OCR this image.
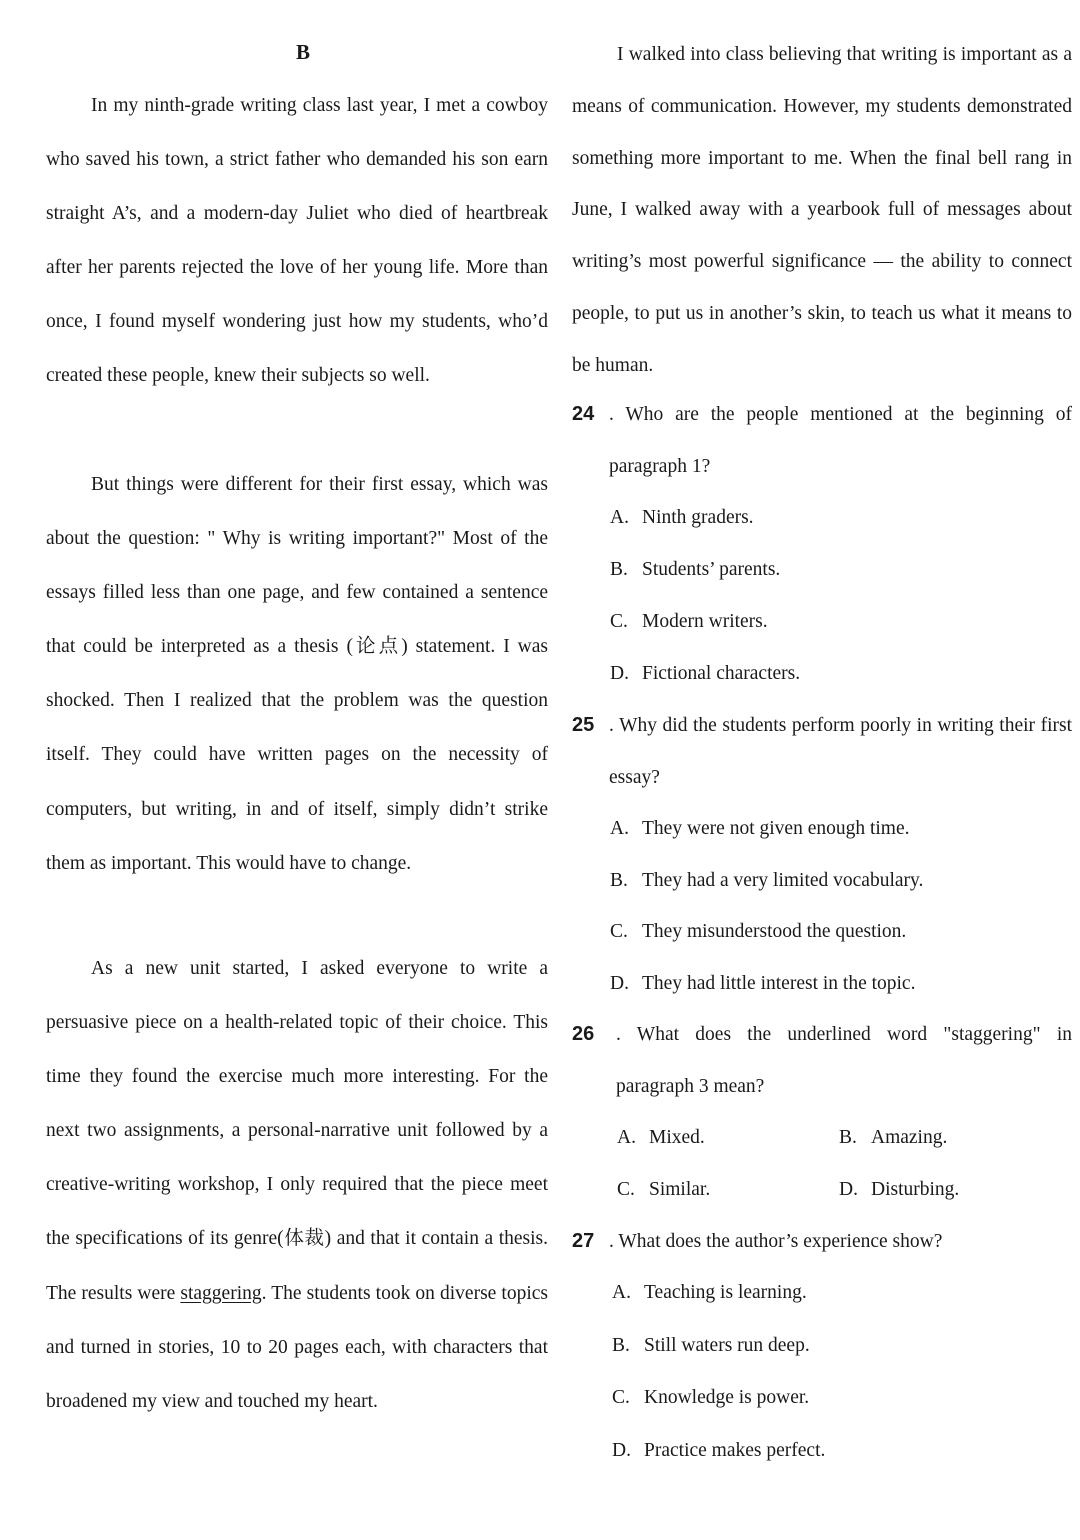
B

In my ninth-grade writing class last year, I met a cowboy who saved his town, a strict father who demanded his son earn straight A’s, and a modern-day Juliet who died of heartbreak after her parents rejected the love of her young life. More than once, I found myself wondering just how my students, who’d created these people, knew their subjects so well.

But things were different for their first essay, which was about the question: " Why is writing important?" Most of the essays filled less than one page, and few contained a sentence that could be interpreted as a thesis (论点) statement. I was shocked. Then I realized that the problem was the question itself. They could have written pages on the necessity of computers, but writing, in and of itself, simply didn’t strike them as important. This would have to change.

As a new unit started, I asked everyone to write a persuasive piece on a health-related topic of their choice. This time they found the exercise much more interesting. For the next two assignments, a personal-narrative unit followed by a creative-writing workshop, I only required that the piece meet the specifications of its genre(体裁) and that it contain a thesis. The results were staggering. The students took on diverse topics and turned in stories, 10 to 20 pages each, with characters that broadened my view and touched my heart.

I walked into class believing that writing is important as a means of communication. However, my students demonstrated something more important to me. When the final bell rang in June, I walked away with a yearbook full of messages about writing’s most powerful significance — the ability to connect people, to put us in another’s skin, to teach us what it means to be human.

24 . Who are the people mentioned at the beginning of paragraph 1?
A. Ninth graders.
B. Students’ parents.
C. Modern writers.
D. Fictional characters.
25 . Why did the students perform poorly in writing their first essay?
A. They were not given enough time.
B. They had a very limited vocabulary.
C. They misunderstood the question.
D. They had little interest in the topic.
26	. What does the underlined word "staggering" in paragraph 3 mean?
A. Mixed.	B. Amazing.
C. Similar.	D. Disturbing.
27 . What does the author’s experience show?
A. Teaching is learning.
B. Still waters run deep.
C. Knowledge is power.
D. Practice makes perfect.
